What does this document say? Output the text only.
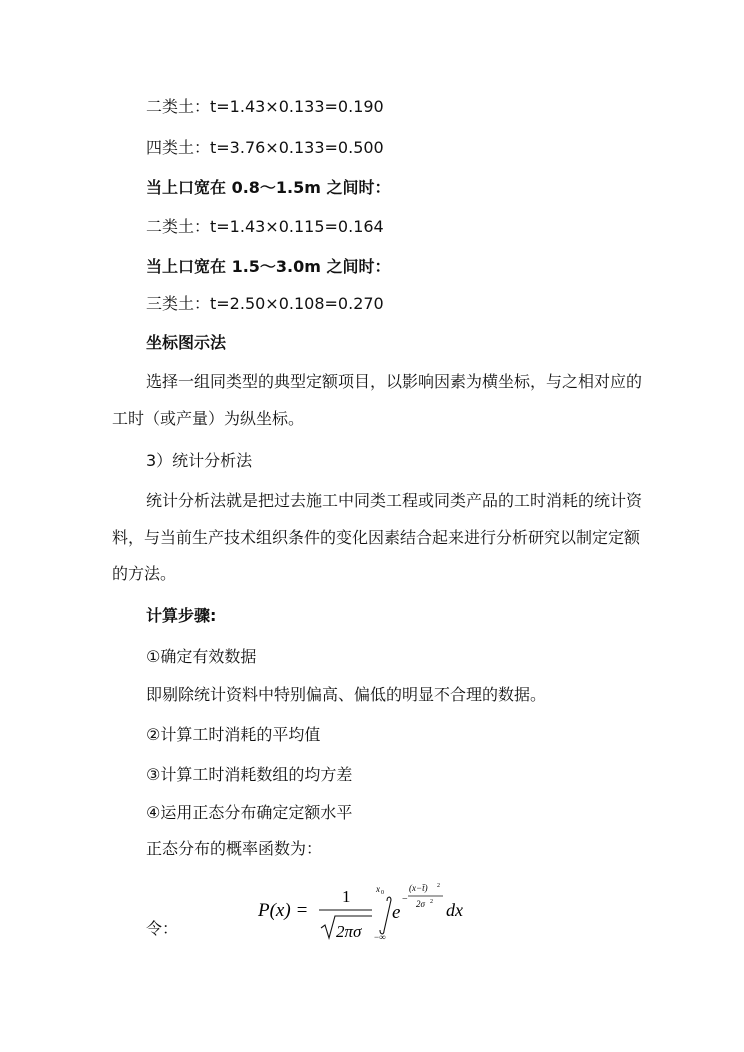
二类土：t=1.43×0.133=0.190
四类土：t=3.76×0.133=0.500
当上口宽在 0.8～1.5m 之间时：
二类土：t=1.43×0.115=0.164
当上口宽在 1.5～3.0m 之间时：
三类土：t=2.50×0.108=0.270
坐标图示法
选择一组同类型的典型定额项目，以影响因素为横坐标，与之相对应的工时（或产量）为纵坐标。
3）统计分析法
统计分析法就是把过去施工中同类工程或同类产品的工时消耗的统计资料，与当前生产技术组织条件的变化因素结合起来进行分析研究以制定定额的方法。
计算步骤:
①确定有效数据
即剔除统计资料中特别偏高、偏低的明显不合理的数据。
②计算工时消耗的平均值
③计算工时消耗数组的均方差
④运用正态分布确定定额水平
正态分布的概率函数为：
令：
P(x) =
1
2πσ
x 0
−∞
e
−
(x−t̄) 2
2σ 2 dx
